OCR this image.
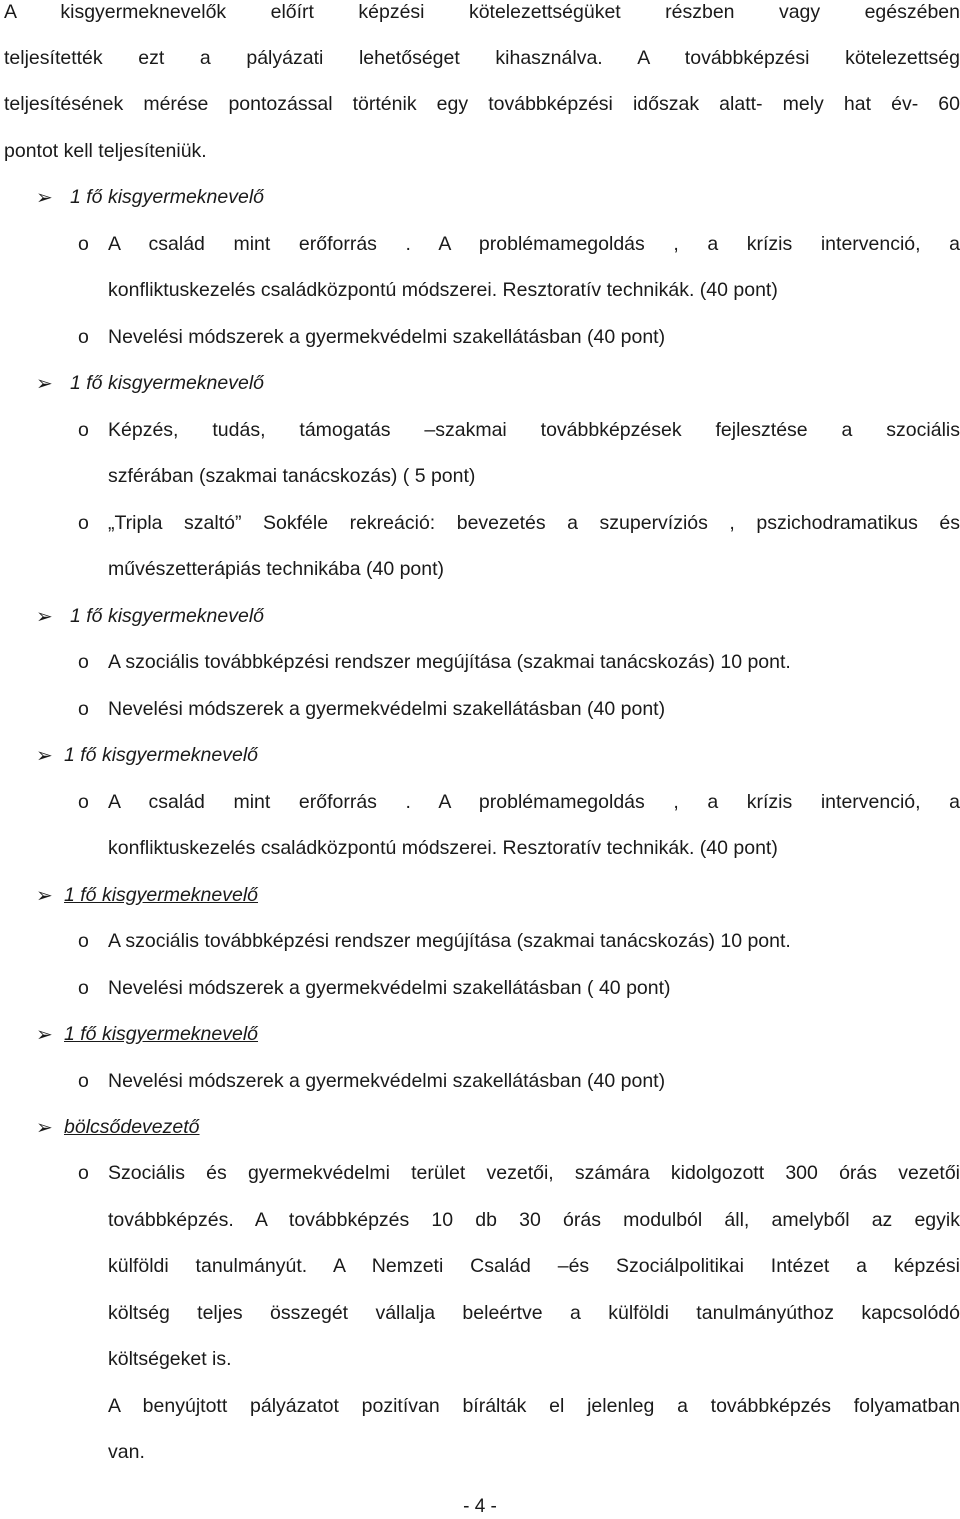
A kisgyermeknevelők előírt képzési kötelezettségüket részben vagy egészében
teljesítették ezt a pályázati lehetőséget kihasználva. A továbbképzési kötelezettség
teljesítésének mérése pontozással történik egy továbbképzési időszak alatt- mely hat év- 60
pontot kell teljesíteniük.
➢ 1 fő kisgyermeknevelő
o A család mint erőforrás . A problémamegoldás , a krízis intervenció, a
konfliktuskezelés családközpontú módszerei. Resztoratív technikák. (40 pont)
o Nevelési módszerek a gyermekvédelmi szakellátásban (40 pont)
➢ 1 fő kisgyermeknevelő
o Képzés, tudás, támogatás –szakmai továbbképzések fejlesztése a szociális
szférában (szakmai tanácskozás) ( 5 pont)
o „Tripla szaltó” Sokféle rekreáció: bevezetés a szupervíziós , pszichodramatikus és
művészetterápiás technikába (40 pont)
➢ 1 fő kisgyermeknevelő
o A szociális továbbképzési rendszer megújítása (szakmai tanácskozás) 10 pont.
o Nevelési módszerek a gyermekvédelmi szakellátásban (40 pont)
➢ 1 fő kisgyermeknevelő
o A család mint erőforrás . A problémamegoldás , a krízis intervenció, a
konfliktuskezelés családközpontú módszerei. Resztoratív technikák. (40 pont)
➢ 1 fő kisgyermeknevelő
o A szociális továbbképzési rendszer megújítása (szakmai tanácskozás) 10 pont.
o Nevelési módszerek a gyermekvédelmi szakellátásban ( 40 pont)
➢ 1 fő kisgyermeknevelő
o Nevelési módszerek a gyermekvédelmi szakellátásban (40 pont)
➢ bölcsődevezető
o Szociális és gyermekvédelmi terület vezetői, számára kidolgozott 300 órás vezetői
továbbképzés. A továbbképzés 10 db 30 órás modulból áll, amelyből az egyik
külföldi tanulmányút. A Nemzeti Család –és Szociálpolitikai Intézet a képzési
költség teljes összegét vállalja beleértve a külföldi tanulmányúthoz kapcsolódó
költségeket is.
A benyújtott pályázatot pozitívan bírálták el jelenleg a továbbképzés folyamatban
van.
- 4 -
